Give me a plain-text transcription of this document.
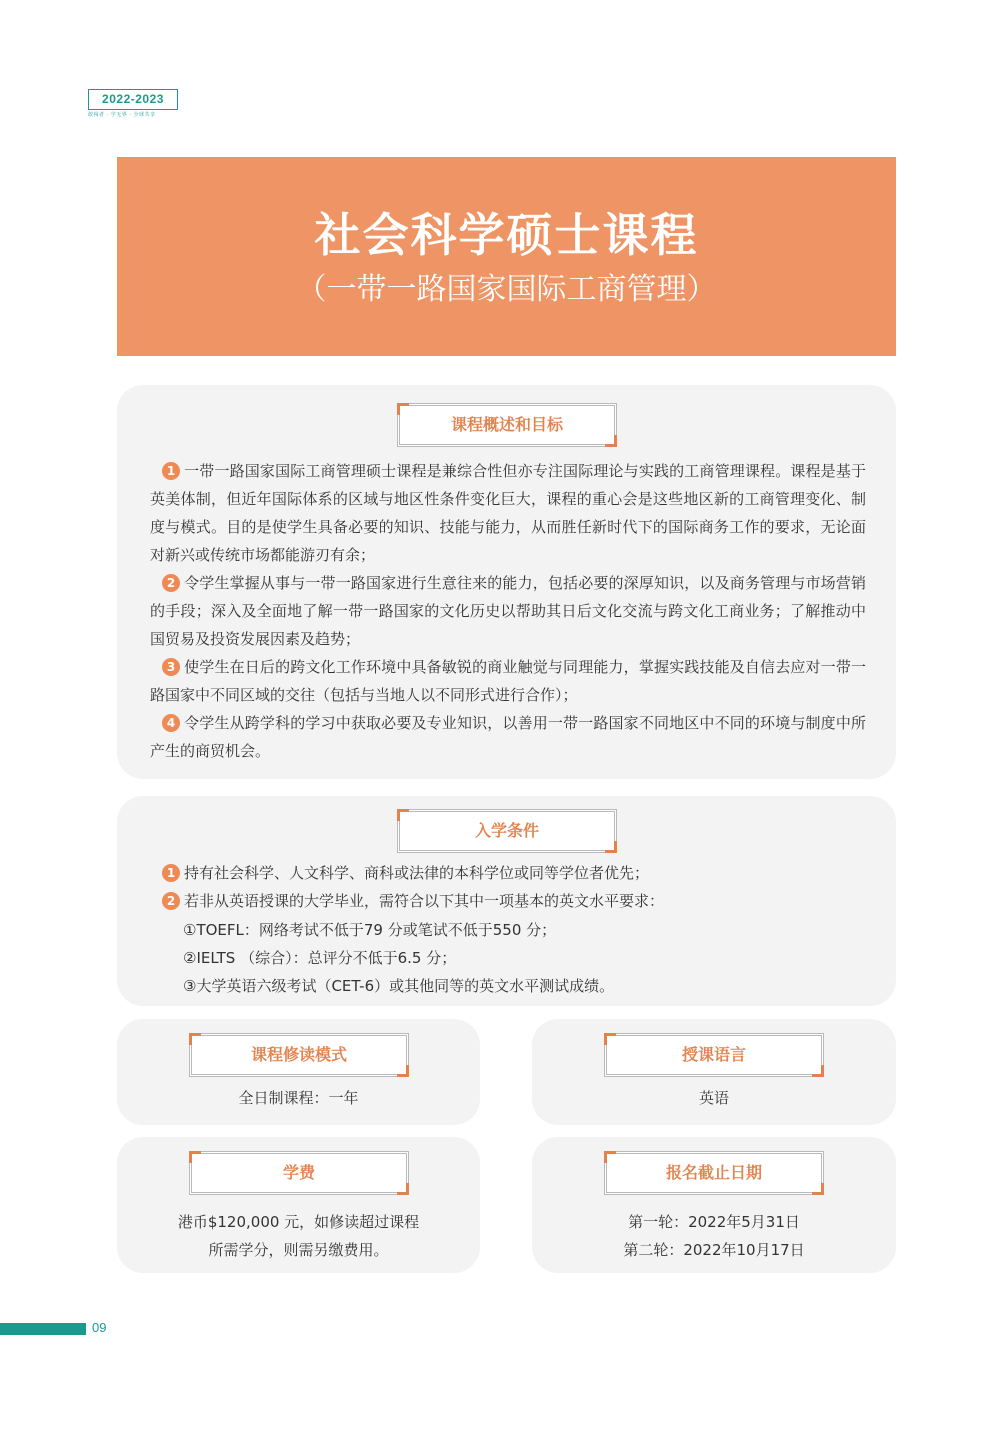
2022-2023
敢闯者 · 学无界 · 全球共享
社会科学硕士课程
（一带一路国家国际工商管理）
课程概述和目标
1 一带一路国家国际工商管理硕士课程是兼综合性但亦专注国际理论与实践的工商管理课程。课程是基于英美体制，但近年国际体系的区域与地区性条件变化巨大，课程的重心会是这些地区新的工商管理变化、制度与模式。目的是使学生具备必要的知识、技能与能力，从而胜任新时代下的国际商务工作的要求，无论面对新兴或传统市场都能游刃有余；
2 令学生掌握从事与一带一路国家进行生意往来的能力，包括必要的深厚知识，以及商务管理与市场营销的手段；深入及全面地了解一带一路国家的文化历史以帮助其日后文化交流与跨文化工商业务；了解推动中国贸易及投资发展因素及趋势；
3 使学生在日后的跨文化工作环境中具备敏锐的商业触觉与同理能力，掌握实践技能及自信去应对一带一路国家中不同区域的交往（包括与当地人以不同形式进行合作）；
4 令学生从跨学科的学习中获取必要及专业知识，以善用一带一路国家不同地区中不同的环境与制度中所产生的商贸机会。
入学条件
1 持有社会科学、人文科学、商科或法律的本科学位或同等学位者优先；
2 若非从英语授课的大学毕业，需符合以下其中一项基本的英文水平要求：
①TOEFL：网络考试不低于79 分或笔试不低于550 分；
②IELTS （综合）：总评分不低于6.5 分；
③大学英语六级考试（CET-6）或其他同等的英文水平测试成绩。
课程修读模式
全日制课程：一年
授课语言
英语
学费
港币$120,000 元，如修读超过课程
所需学分，则需另缴费用。
报名截止日期
第一轮：2022年5月31日
第二轮：2022年10月17日
09
